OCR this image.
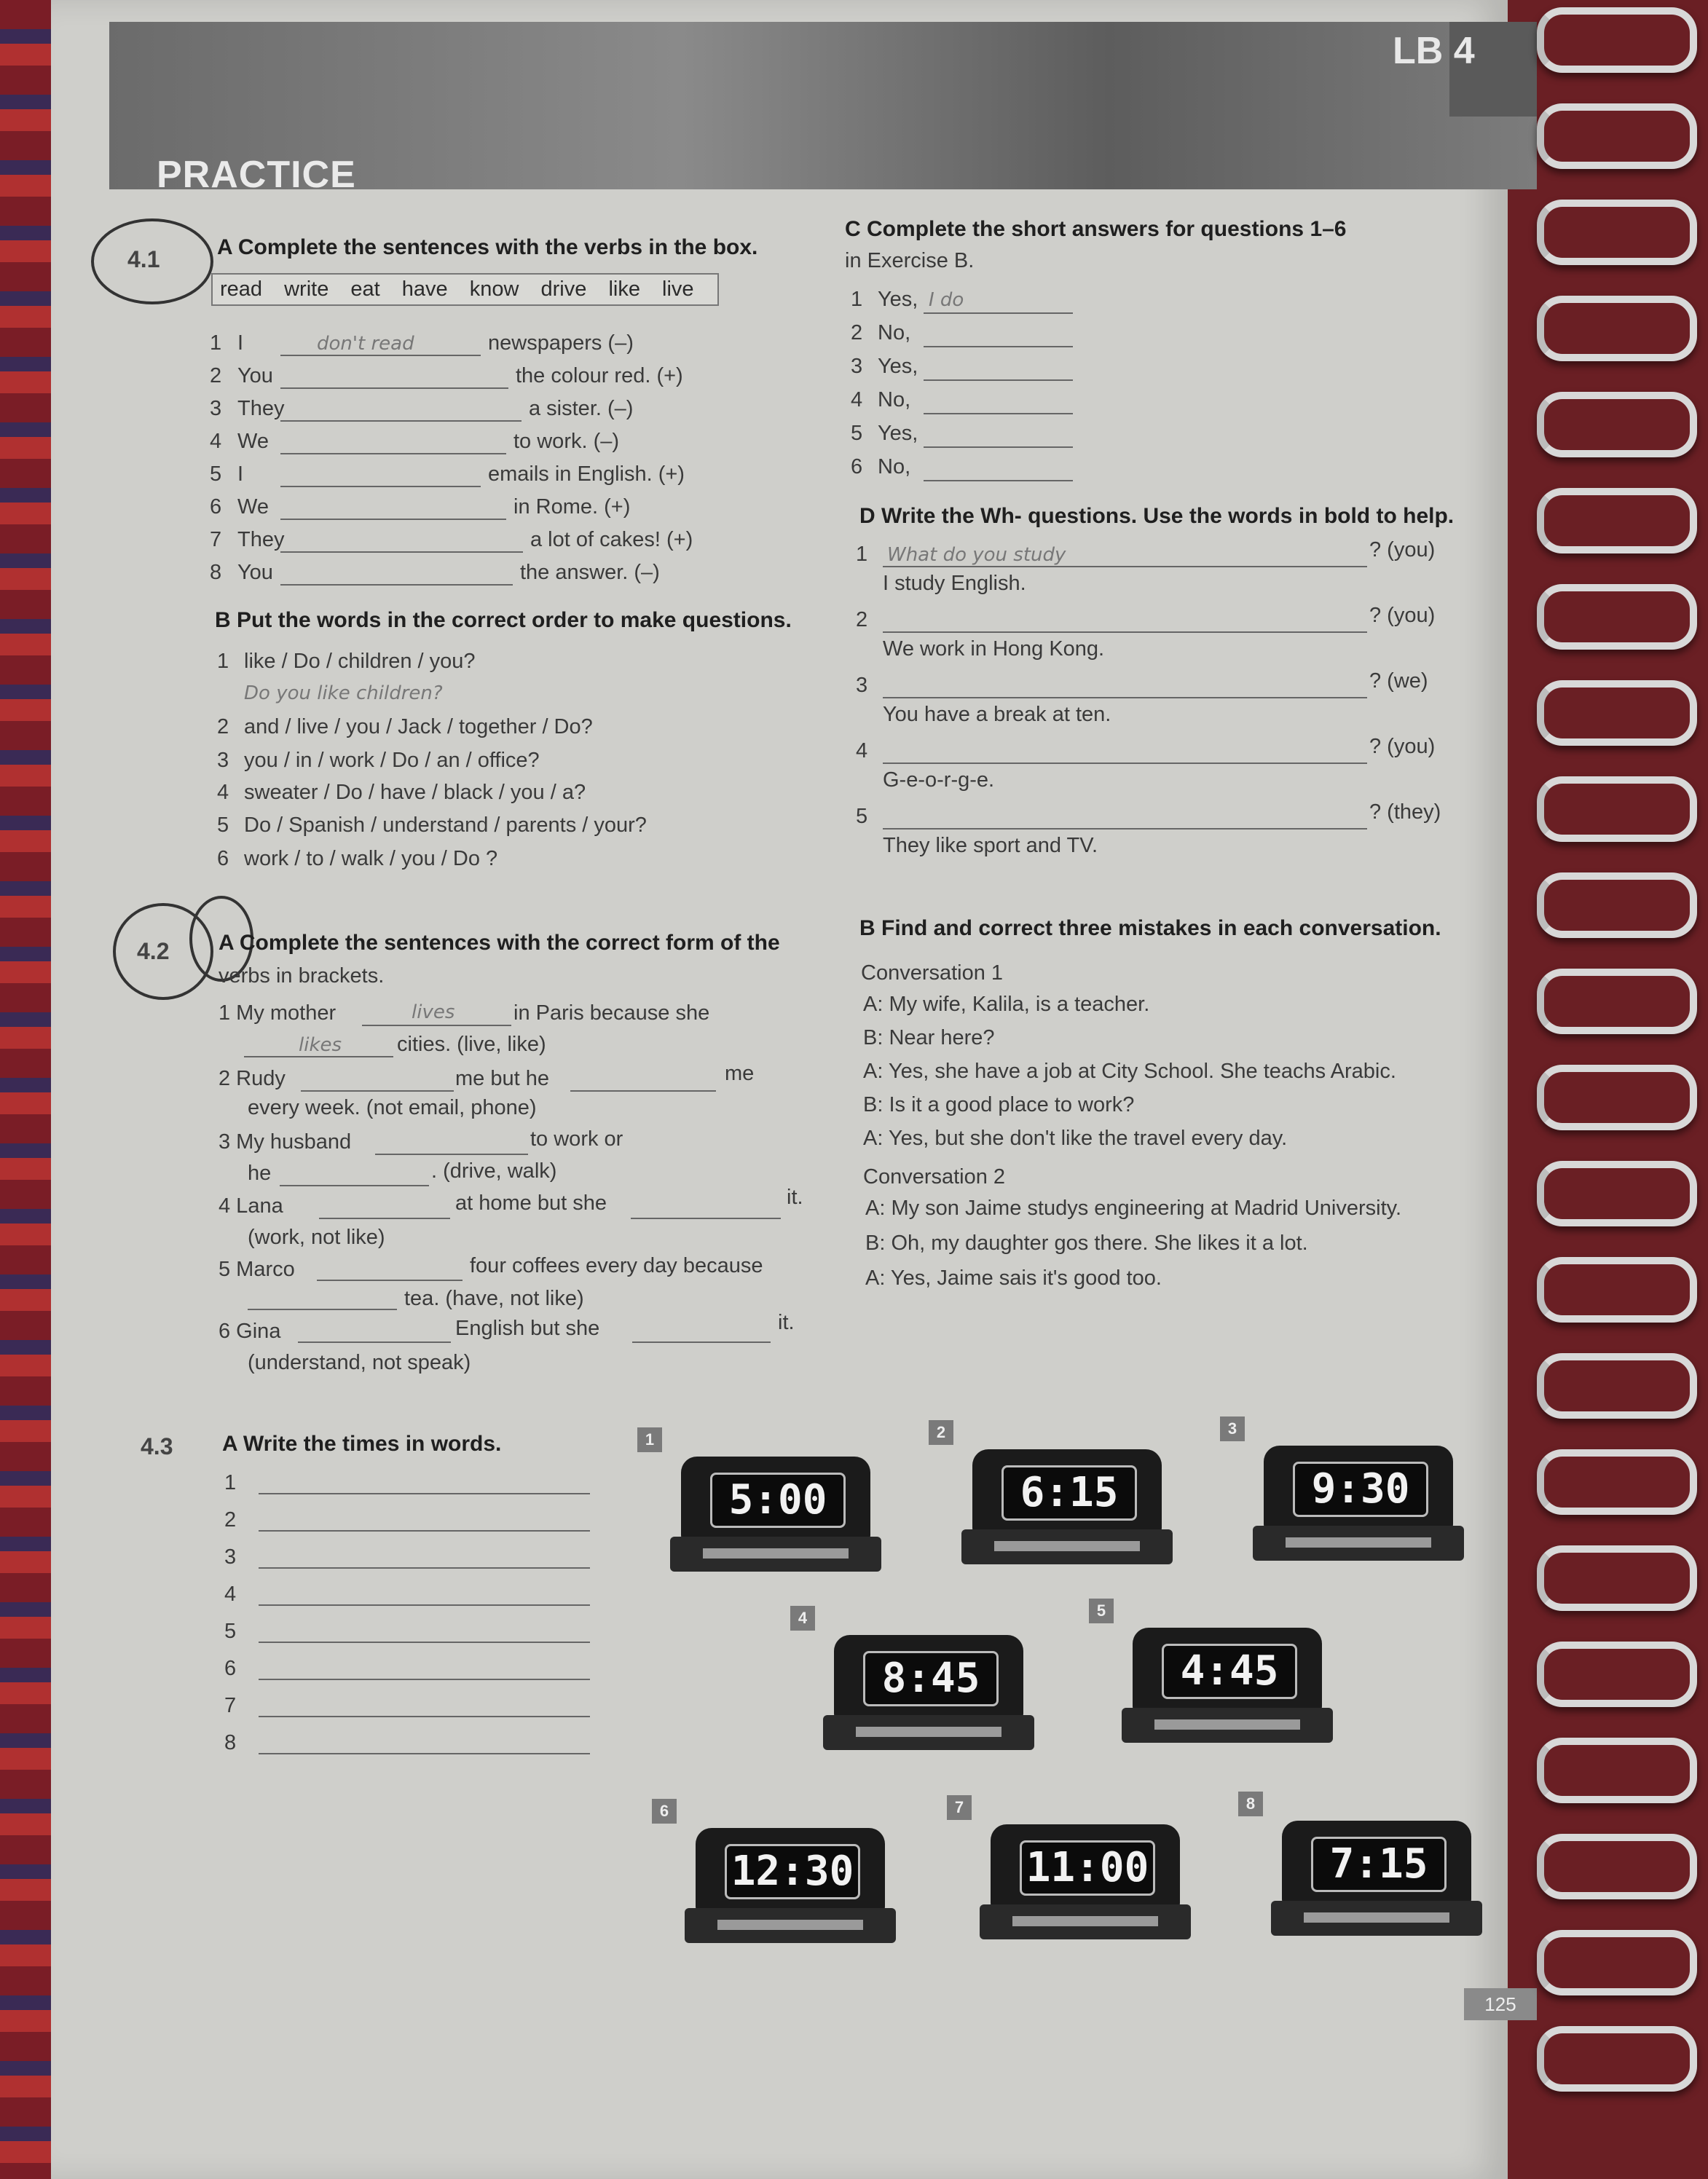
LB 4
PRACTICE
4.1	A Complete the sentences with the verbs in the box.
read write eat have know drive like live
1 I	don't read	newspapers (–)
2 You	the colour red. (+)
3 They	a sister. (–)
4 We	to work. (–)
5 I	emails in English. (+)
6 We	in Rome. (+)
7 They	a lot of cakes! (+)
8 You	the answer. (–)
B Put the words in the correct order to make questions.
1 like / Do / children / you?
Do you like children?
2 and / live / you / Jack / together / Do?
3 you / in / work / Do / an / office?
4 sweater / Do / have / black / you / a?
5 Do / Spanish / understand / parents / your?
6 work / to / walk / you / Do ?
C Complete the short answers for questions 1–6
in Exercise B.
1 Yes, I do
2 No,
3 Yes,
4 No,
5 Yes,
6 No,
D Write the Wh- questions. Use the words in bold to help.
1 What do you study	? (you)
I study English.
2	? (you)
We work in Hong Kong.
3	? (we)
You have a break at ten.
4	? (you)
G-e-o-r-g-e.
5	? (they)
They like sport and TV.
4.2 A Complete the sentences with the correct form of the
verbs in brackets.
1 My mother	in Paris because she
cities. (live, like)
2 Rudy	me but he	me
every week. (not email, phone)
3 My husband	to work or
he	. (drive, walk)
4 Lana	at home but she	it.
(work, not like)
5 Marco	four coffees every day because
tea. (have, not like)
6 Gina	English but she	it.
(understand, not speak)
lives
likes
B Find and correct three mistakes in each conversation.
Conversation 1
A: My wife, Kalila, is a teacher.
B: Near here?
A: Yes, she have a job at City School. She teachs Arabic.
B: Is it a good place to work?
A: Yes, but she don't like the travel every day.
Conversation 2
A: My son Jaime studys engineering at Madrid University.
B: Oh, my daughter gos there. She likes it a lot.
A: Yes, Jaime sais it's good too.
4.3 A Write the times in words.
1
2
3
4
5
6
7
8
5:00
1
6:15
2
9:30
3
8:45
4
4:45
5
12:30
6
11:00
7
7:15
8
125
